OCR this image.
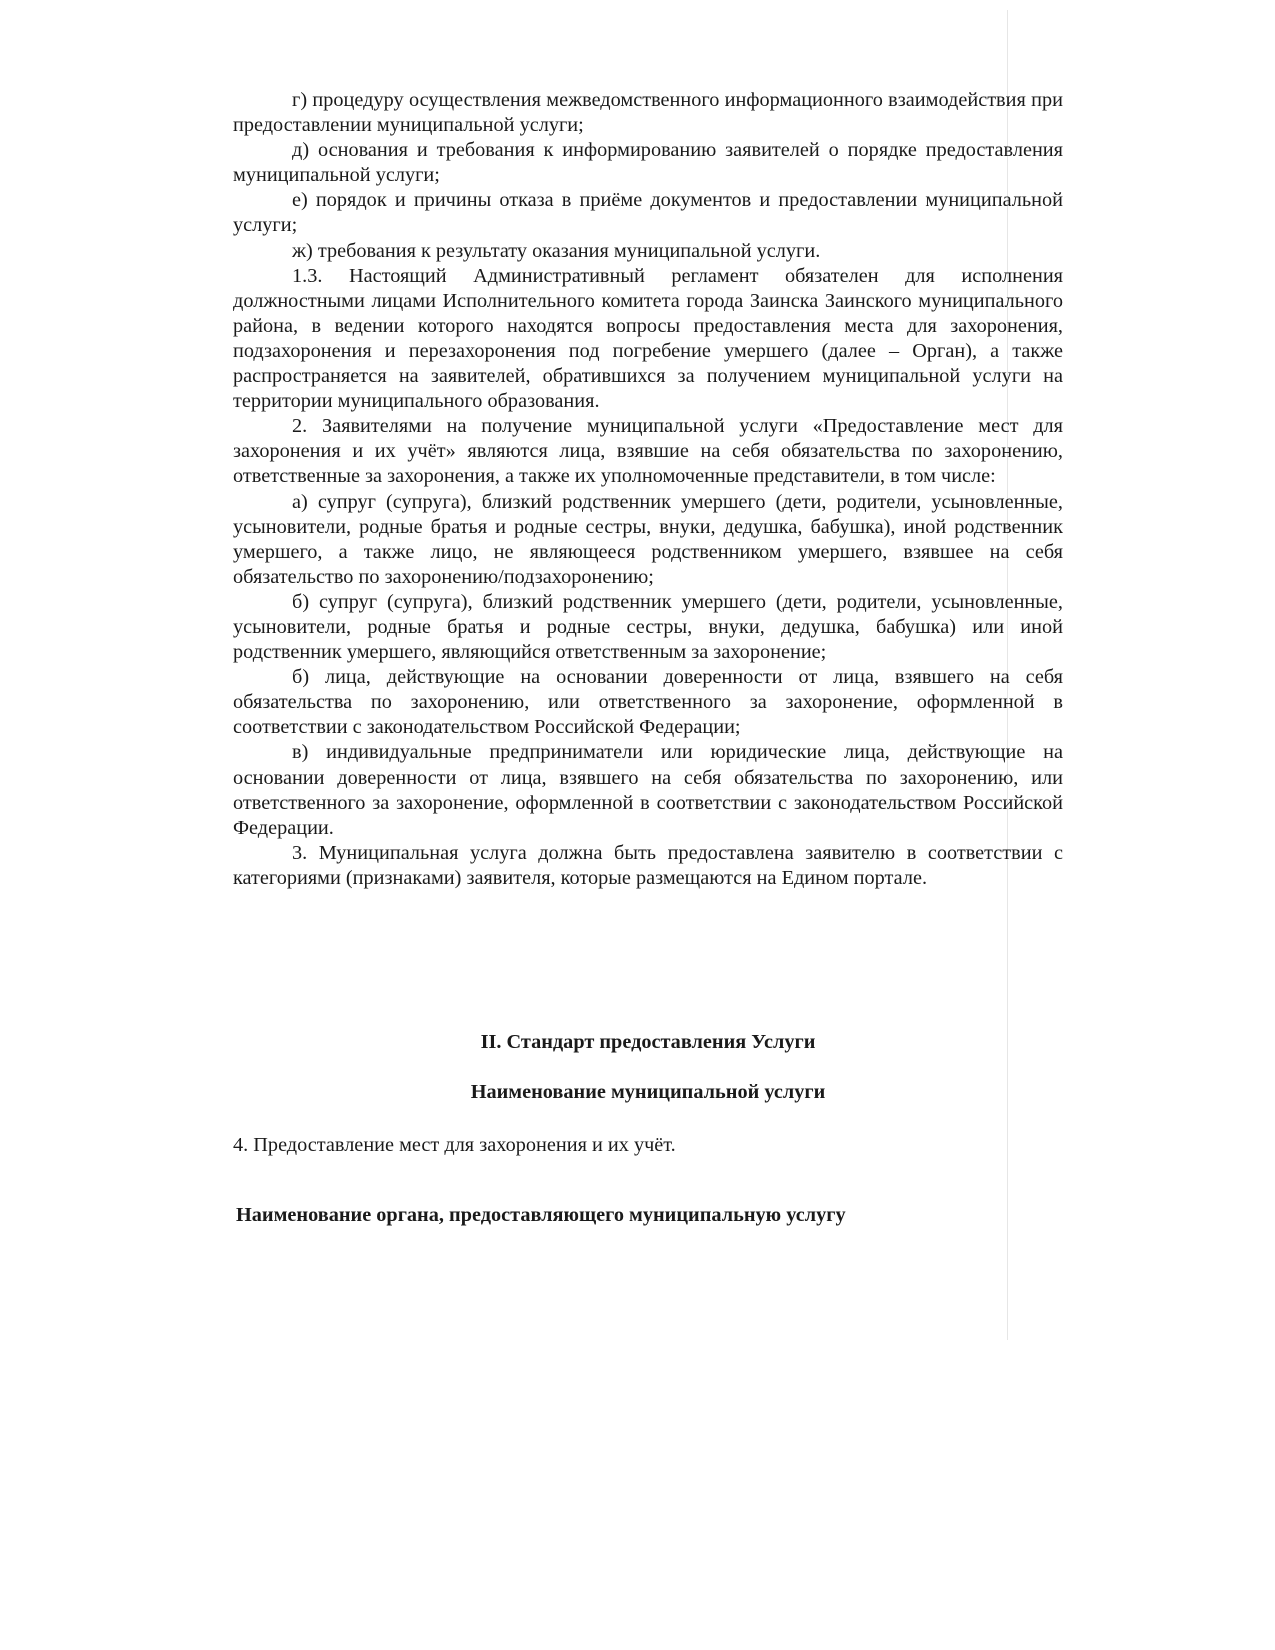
г) процедуру осуществления межведомственного информационного взаимодействия при предоставлении муниципальной услуги;

д) основания и требования к информированию заявителей о порядке предоставления муниципальной услуги;

е) порядок и причины отказа в приёме документов и предоставлении муниципальной услуги;

ж) требования к результату оказания муниципальной услуги.

1.3. Настоящий Административный регламент обязателен для исполнения должностными лицами Исполнительного комитета города Заинска Заинского муниципального района, в ведении которого находятся вопросы предоставления места для захоронения, подзахоронения и перезахоронения под погребение умершего (далее – Орган), а также распространяется на заявителей, обратившихся за получением муниципальной услуги на территории муниципального образования.

2. Заявителями на получение муниципальной услуги «Предоставление мест для захоронения и их учёт» являются лица, взявшие на себя обязательства по захоронению, ответственные за захоронения, а также их уполномоченные представители, в том числе:

а) супруг (супруга), близкий родственник умершего (дети, родители, усыновленные, усыновители, родные братья и родные сестры, внуки, дедушка, бабушка), иной родственник умершего, а также лицо, не являющееся родственником умершего, взявшее на себя обязательство по захоронению/подзахоронению;

б) супруг (супруга), близкий родственник умершего (дети, родители, усыновленные, усыновители, родные братья и родные сестры, внуки, дедушка, бабушка) или иной родственник умершего, являющийся ответственным за захоронение;

б) лица, действующие на основании доверенности от лица, взявшего на себя обязательства по захоронению, или ответственного за захоронение, оформленной в соответствии с законодательством Российской Федерации;

в) индивидуальные предприниматели или юридические лица, действующие на основании доверенности от лица, взявшего на себя обязательства по захоронению, или ответственного за захоронение, оформленной в соответствии с законодательством Российской Федерации.

3. Муниципальная услуга должна быть предоставлена заявителю в соответствии с категориями (признаками) заявителя, которые размещаются на Едином портале.

II. Стандарт предоставления Услуги
Наименование муниципальной услуги

4. Предоставление мест для захоронения и их учёт.

Наименование органа, предоставляющего муниципальную услугу
